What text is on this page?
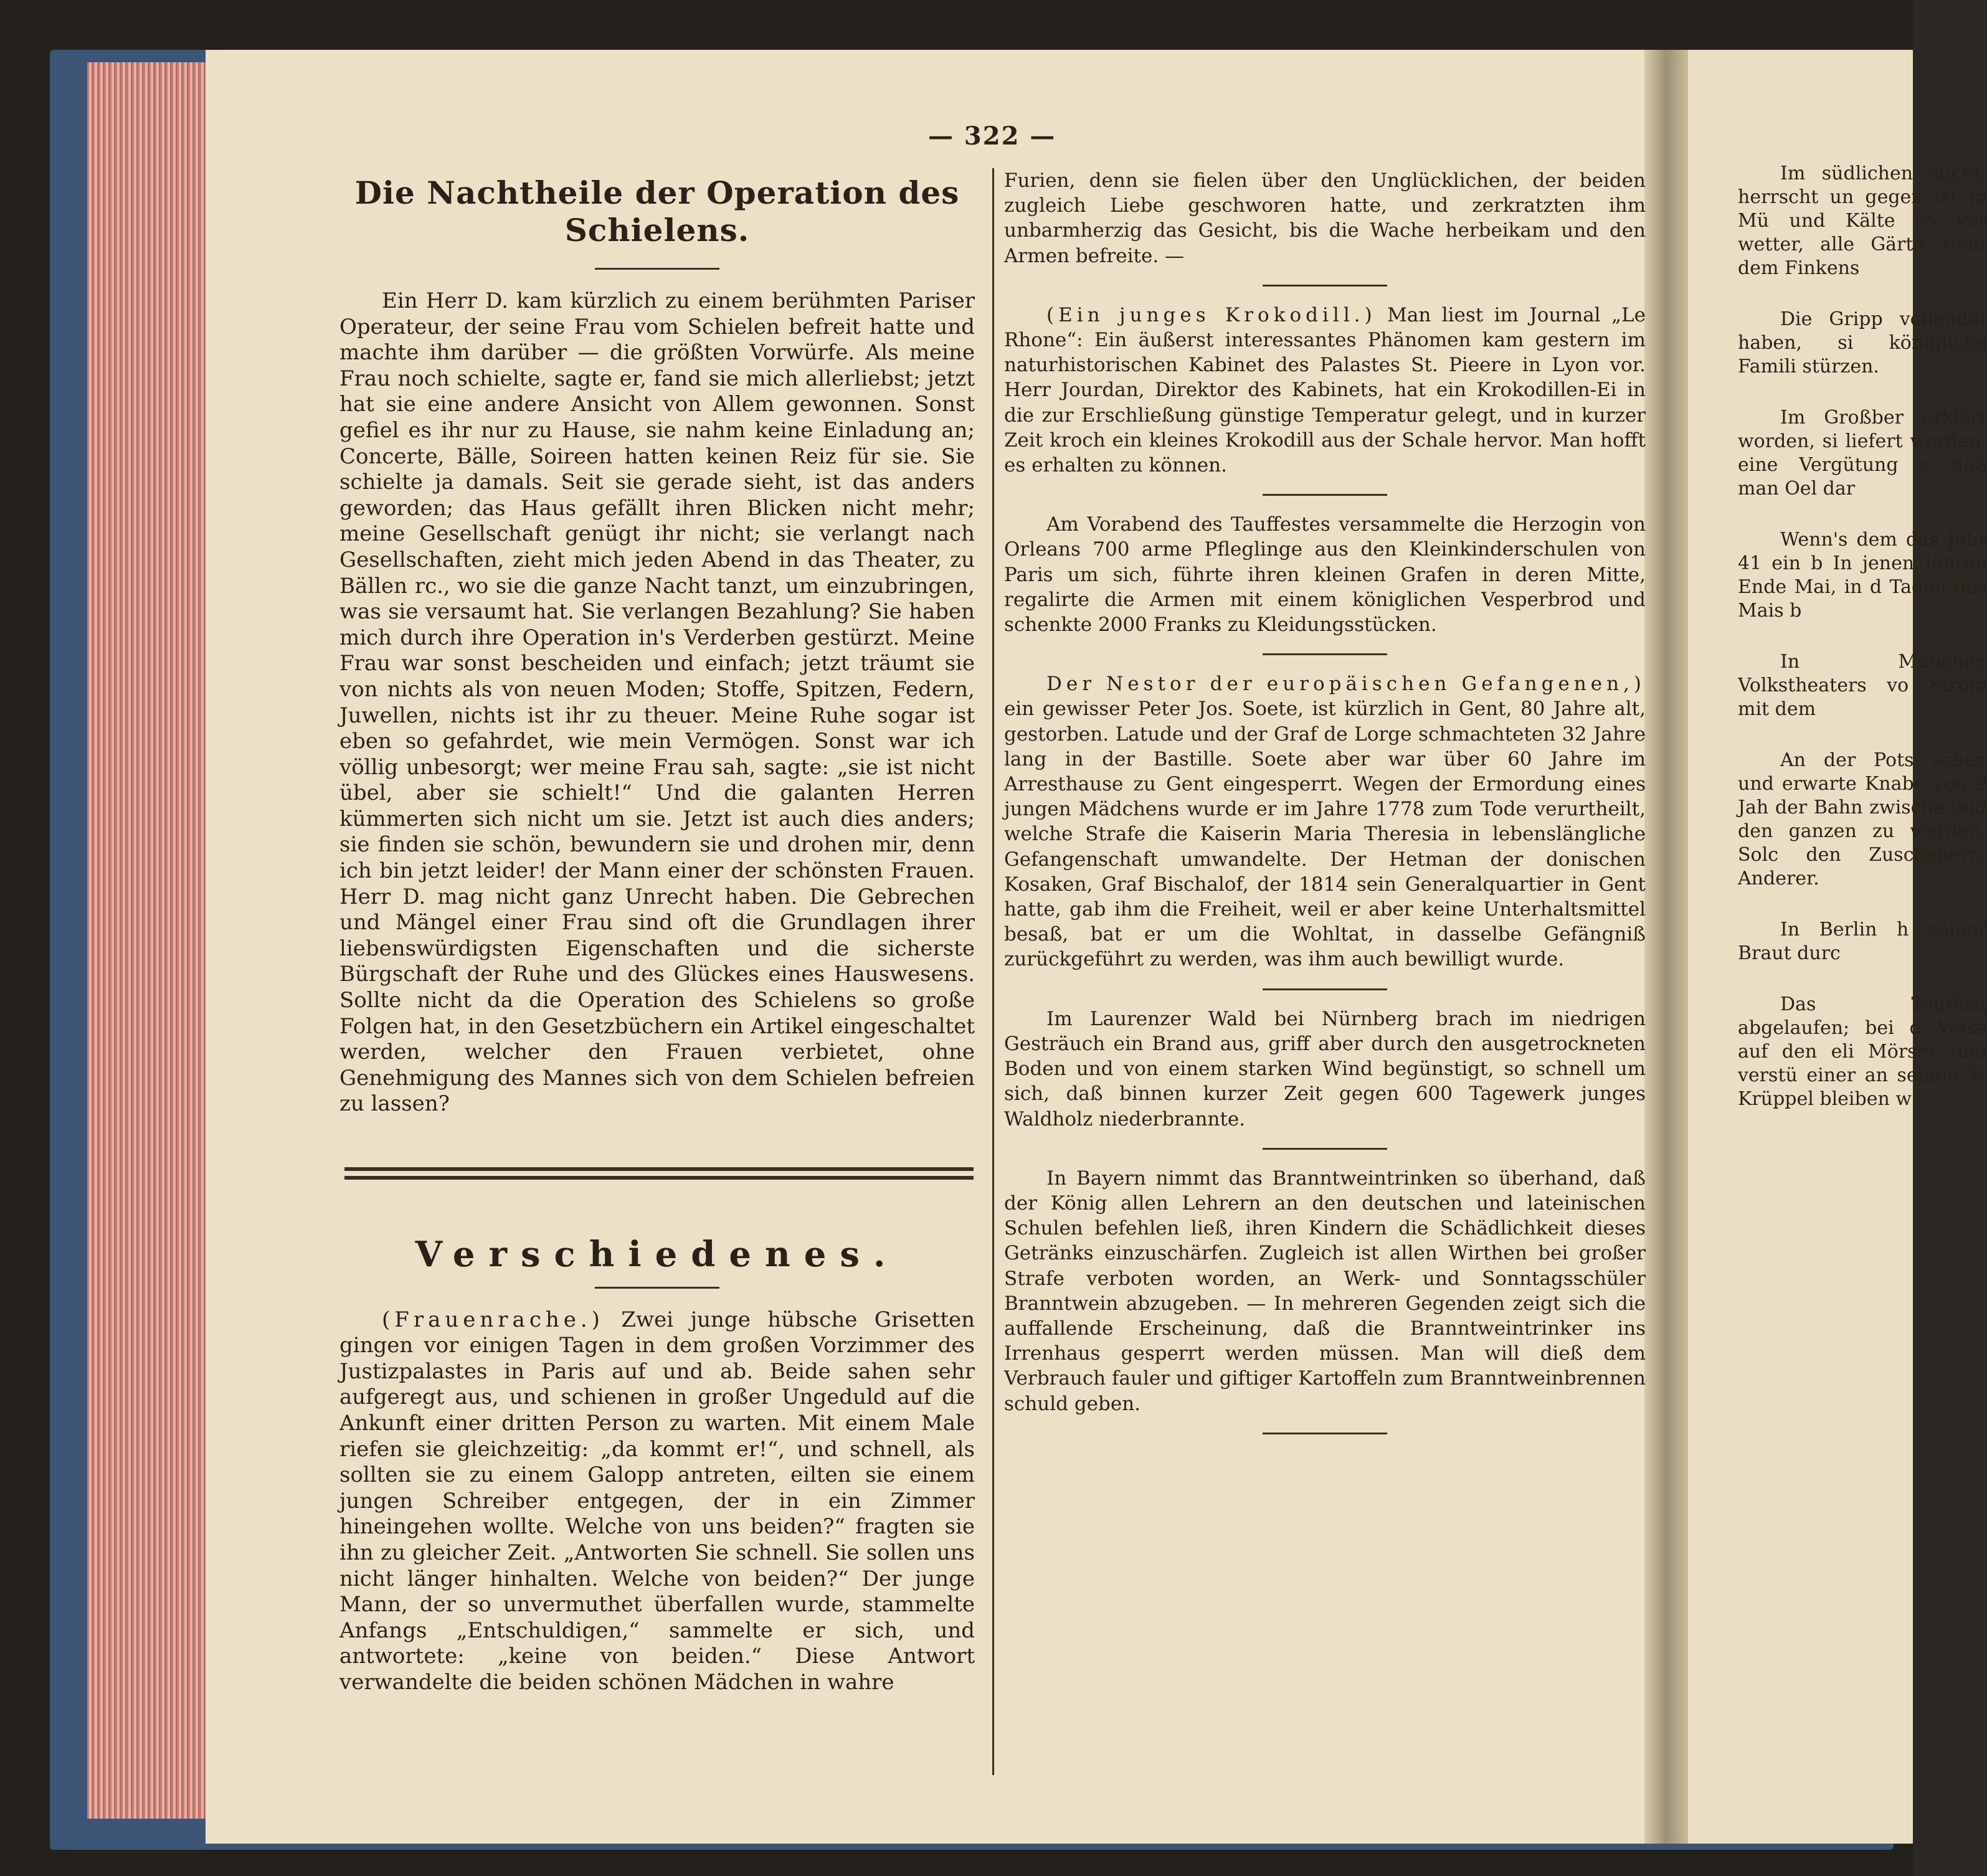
— 322 —
Die Nachtheile der Operation des Schielens.

Ein Herr D. kam kürzlich zu einem berühmten Pariser Operateur, der seine Frau vom Schielen befreit hatte und machte ihm darüber — die größten Vorwürfe. Als meine Frau noch schielte, sagte er, fand sie mich allerliebst; jetzt hat sie eine andere Ansicht von Allem gewonnen. Sonst gefiel es ihr nur zu Hause, sie nahm keine Einladung an; Concerte, Bälle, Soireen hatten keinen Reiz für sie. Sie schielte ja damals. Seit sie gerade sieht, ist das anders geworden; das Haus gefällt ihren Blicken nicht mehr; meine Gesellschaft genügt ihr nicht; sie verlangt nach Gesellschaften, zieht mich jeden Abend in das Theater, zu Bällen rc., wo sie die ganze Nacht tanzt, um einzubringen, was sie versaumt hat. Sie verlangen Bezahlung? Sie haben mich durch ihre Operation in's Verderben gestürzt. Meine Frau war sonst bescheiden und einfach; jetzt träumt sie von nichts als von neuen Moden; Stoffe, Spitzen, Federn, Juwellen, nichts ist ihr zu theuer. Meine Ruhe sogar ist eben so gefahrdet, wie mein Vermögen. Sonst war ich völlig unbesorgt; wer meine Frau sah, sagte: „sie ist nicht übel, aber sie schielt!“ Und die galanten Herren kümmerten sich nicht um sie. Jetzt ist auch dies anders; sie finden sie schön, bewundern sie und drohen mir, denn ich bin jetzt leider! der Mann einer der schönsten Frauen. Herr D. mag nicht ganz Unrecht haben. Die Gebrechen und Mängel einer Frau sind oft die Grundlagen ihrer liebenswürdigsten Eigenschaften und die sicherste Bürgschaft der Ruhe und des Glückes eines Hauswesens. Sollte nicht da die Operation des Schielens so große Folgen hat, in den Gesetzbüchern ein Artikel eingeschaltet werden, welcher den Frauen verbietet, ohne Genehmigung des Mannes sich von dem Schielen befreien zu lassen?

Verschiedenes.

(Frauenrache.) Zwei junge hübsche Grisetten gingen vor einigen Tagen in dem großen Vorzimmer des Justizpalastes in Paris auf und ab. Beide sahen sehr aufgeregt aus, und schienen in großer Ungeduld auf die Ankunft einer dritten Person zu warten. Mit einem Male riefen sie gleichzeitig: „da kommt er!“, und schnell, als sollten sie zu einem Galopp antreten, eilten sie einem jungen Schreiber entgegen, der in ein Zimmer hineingehen wollte. Welche von uns beiden?“ fragten sie ihn zu gleicher Zeit. „Antworten Sie schnell. Sie sollen uns nicht länger hinhalten. Welche von beiden?“ Der junge Mann, der so unvermuthet überfallen wurde, stammelte Anfangs „Entschuldigen,“ sammelte er sich, und antwortete: „keine von beiden.“ Diese Antwort verwandelte die beiden schönen Mädchen in wahre

Furien, denn sie fielen über den Unglücklichen, der beiden zugleich Liebe geschworen hatte, und zerkratzten ihm unbarmherzig das Gesicht, bis die Wache herbeikam und den Armen befreite. —

(Ein junges Krokodill.) Man liest im Journal „Le Rhone“: Ein äußerst interessantes Phänomen kam gestern im naturhistorischen Kabinet des Palastes St. Pieere in Lyon vor. Herr Jourdan, Direktor des Kabinets, hat ein Krokodillen-Ei in die zur Erschließung günstige Temperatur gelegt, und in kurzer Zeit kroch ein kleines Krokodill aus der Schale hervor. Man hofft es erhalten zu können.

Am Vorabend des Tauffestes versammelte die Herzogin von Orleans 700 arme Pfleglinge aus den Kleinkinderschulen von Paris um sich, führte ihren kleinen Grafen in deren Mitte, regalirte die Armen mit einem königlichen Vesperbrod und schenkte 2000 Franks zu Kleidungsstücken.

Der Nestor der europäischen Gefangenen,) ein gewisser Peter Jos. Soete, ist kürzlich in Gent, 80 Jahre alt, gestorben. Latude und der Graf de Lorge schmachteten 32 Jahre lang in der Bastille. Soete aber war über 60 Jahre im Arresthause zu Gent eingesperrt. Wegen der Ermordung eines jungen Mädchens wurde er im Jahre 1778 zum Tode verurtheilt, welche Strafe die Kaiserin Maria Theresia in lebenslängliche Gefangenschaft umwandelte. Der Hetman der donischen Kosaken, Graf Bischalof, der 1814 sein Generalquartier in Gent hatte, gab ihm die Freiheit, weil er aber keine Unterhaltsmittel besaß, bat er um die Wohltat, in dasselbe Gefängniß zurückgeführt zu werden, was ihm auch bewilligt wurde.

Im Laurenzer Wald bei Nürnberg brach im niedrigen Gesträuch ein Brand aus, griff aber durch den ausgetrockneten Boden und von einem starken Wind begünstigt, so schnell um sich, daß binnen kurzer Zeit gegen 600 Tagewerk junges Waldholz niederbrannte.

In Bayern nimmt das Branntweintrinken so überhand, daß der König allen Lehrern an den deutschen und lateinischen Schulen befehlen ließ, ihren Kindern die Schädlichkeit dieses Getränks einzuschärfen. Zugleich ist allen Wirthen bei großer Strafe verboten worden, an Werk- und Sonntagsschüler Branntwein abzugeben. — In mehreren Gegenden zeigt sich die auffallende Erscheinung, daß die Branntweintrinker ins Irrenhaus gesperrt werden müssen. Man will dieß dem Verbrauch fauler und giftiger Kartoffeln zum Branntweinbrennen schuld geben.

Im südlichen sucht, herrscht un gegen ist in Mü und Kälte so ver wetter, alle Gärte zieht dem Finkens

Die Gripp vollendet haben, si königliche Famili stürzen.

Im Großber erklärt worden, si liefert werden. eine Vergütung a daß man Oel dar

Wenn's dem das Jahr 41 ein b In jenen Jahren Ende Mai, in d Tagen des Mais b

In München Volkstheaters vo Strom mit dem

An der Pots schen und erwarte Knabe von 9 Jah der Bahn zwische und den ganzen zu werden. Solc den Zuschauern. Anderer.

In Berlin h seiner Braut durc

Das Tauffest abgelaufen; bei d Volks auf den eli Mörser und verstü einer an seinen W Krüppel bleiben w
